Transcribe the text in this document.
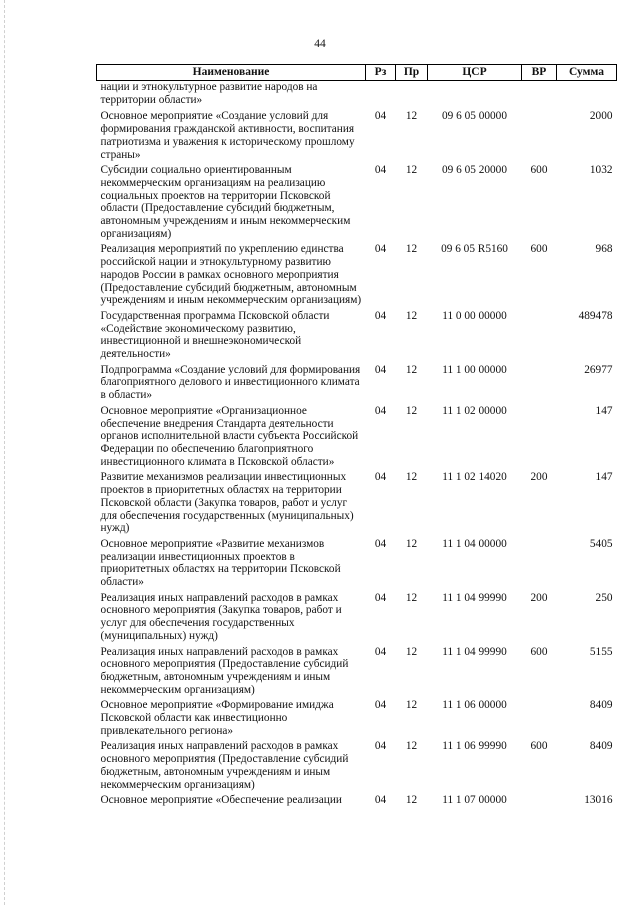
44
Наименование	Рз	Пр	ЦСР	ВР	Сумма
нации и этнокультурное развитие народов на территории области»					
Основное мероприятие «Создание условий для формирования гражданской активности, воспитания патриотизма и уважения к историческому прошлому страны»	04	12	09 6 05 00000		2000
Субсидии социально ориентированным некоммерческим организациям на реализацию социальных проектов на территории Псковской области (Предоставление субсидий бюджетным, автономным учреждениям и иным некоммерческим организациям)	04	12	09 6 05 20000	600	1032
Реализация мероприятий по укреплению единства российской нации и этнокультурному развитию народов России в рамках основного мероприятия (Предоставление субсидий бюджетным, автономным учреждениям и иным некоммерческим организациям)	04	12	09 6 05 R5160	600	968
Государственная программа Псковской области «Содействие экономическому развитию, инвестиционной и внешнеэкономической деятельности»	04	12	11 0 00 00000		489478
Подпрограмма «Создание условий для формирования благоприятного делового и инвестиционного климата в области»	04	12	11 1 00 00000		26977
Основное мероприятие «Организационное обеспечение внедрения Стандарта деятельности органов исполнительной власти субъекта Российской Федерации по обеспечению благоприятного инвестиционного климата в Псковской области»	04	12	11 1 02 00000		147
Развитие механизмов реализации инвестиционных проектов в приоритетных областях на территории Псковской области (Закупка товаров, работ и услуг для обеспечения государственных (муниципальных) нужд)	04	12	11 1 02 14020	200	147
Основное мероприятие «Развитие механизмов реализации инвестиционных проектов в приоритетных областях на территории Псковской области»	04	12	11 1 04 00000		5405
Реализация иных направлений расходов в рамках основного мероприятия (Закупка товаров, работ и услуг для обеспечения государственных (муниципальных) нужд)	04	12	11 1 04 99990	200	250
Реализация иных направлений расходов в рамках основного мероприятия (Предоставление субсидий бюджетным, автономным учреждениям и иным некоммерческим организациям)	04	12	11 1 04 99990	600	5155
Основное мероприятие «Формирование имиджа Псковской области как инвестиционно привлекательного региона»	04	12	11 1 06 00000		8409
Реализация иных направлений расходов в рамках основного мероприятия (Предоставление субсидий бюджетным, автономным учреждениям и иным некоммерческим организациям)	04	12	11 1 06 99990	600	8409
Основное мероприятие «Обеспечение реализации	04	12	11 1 07 00000		13016
